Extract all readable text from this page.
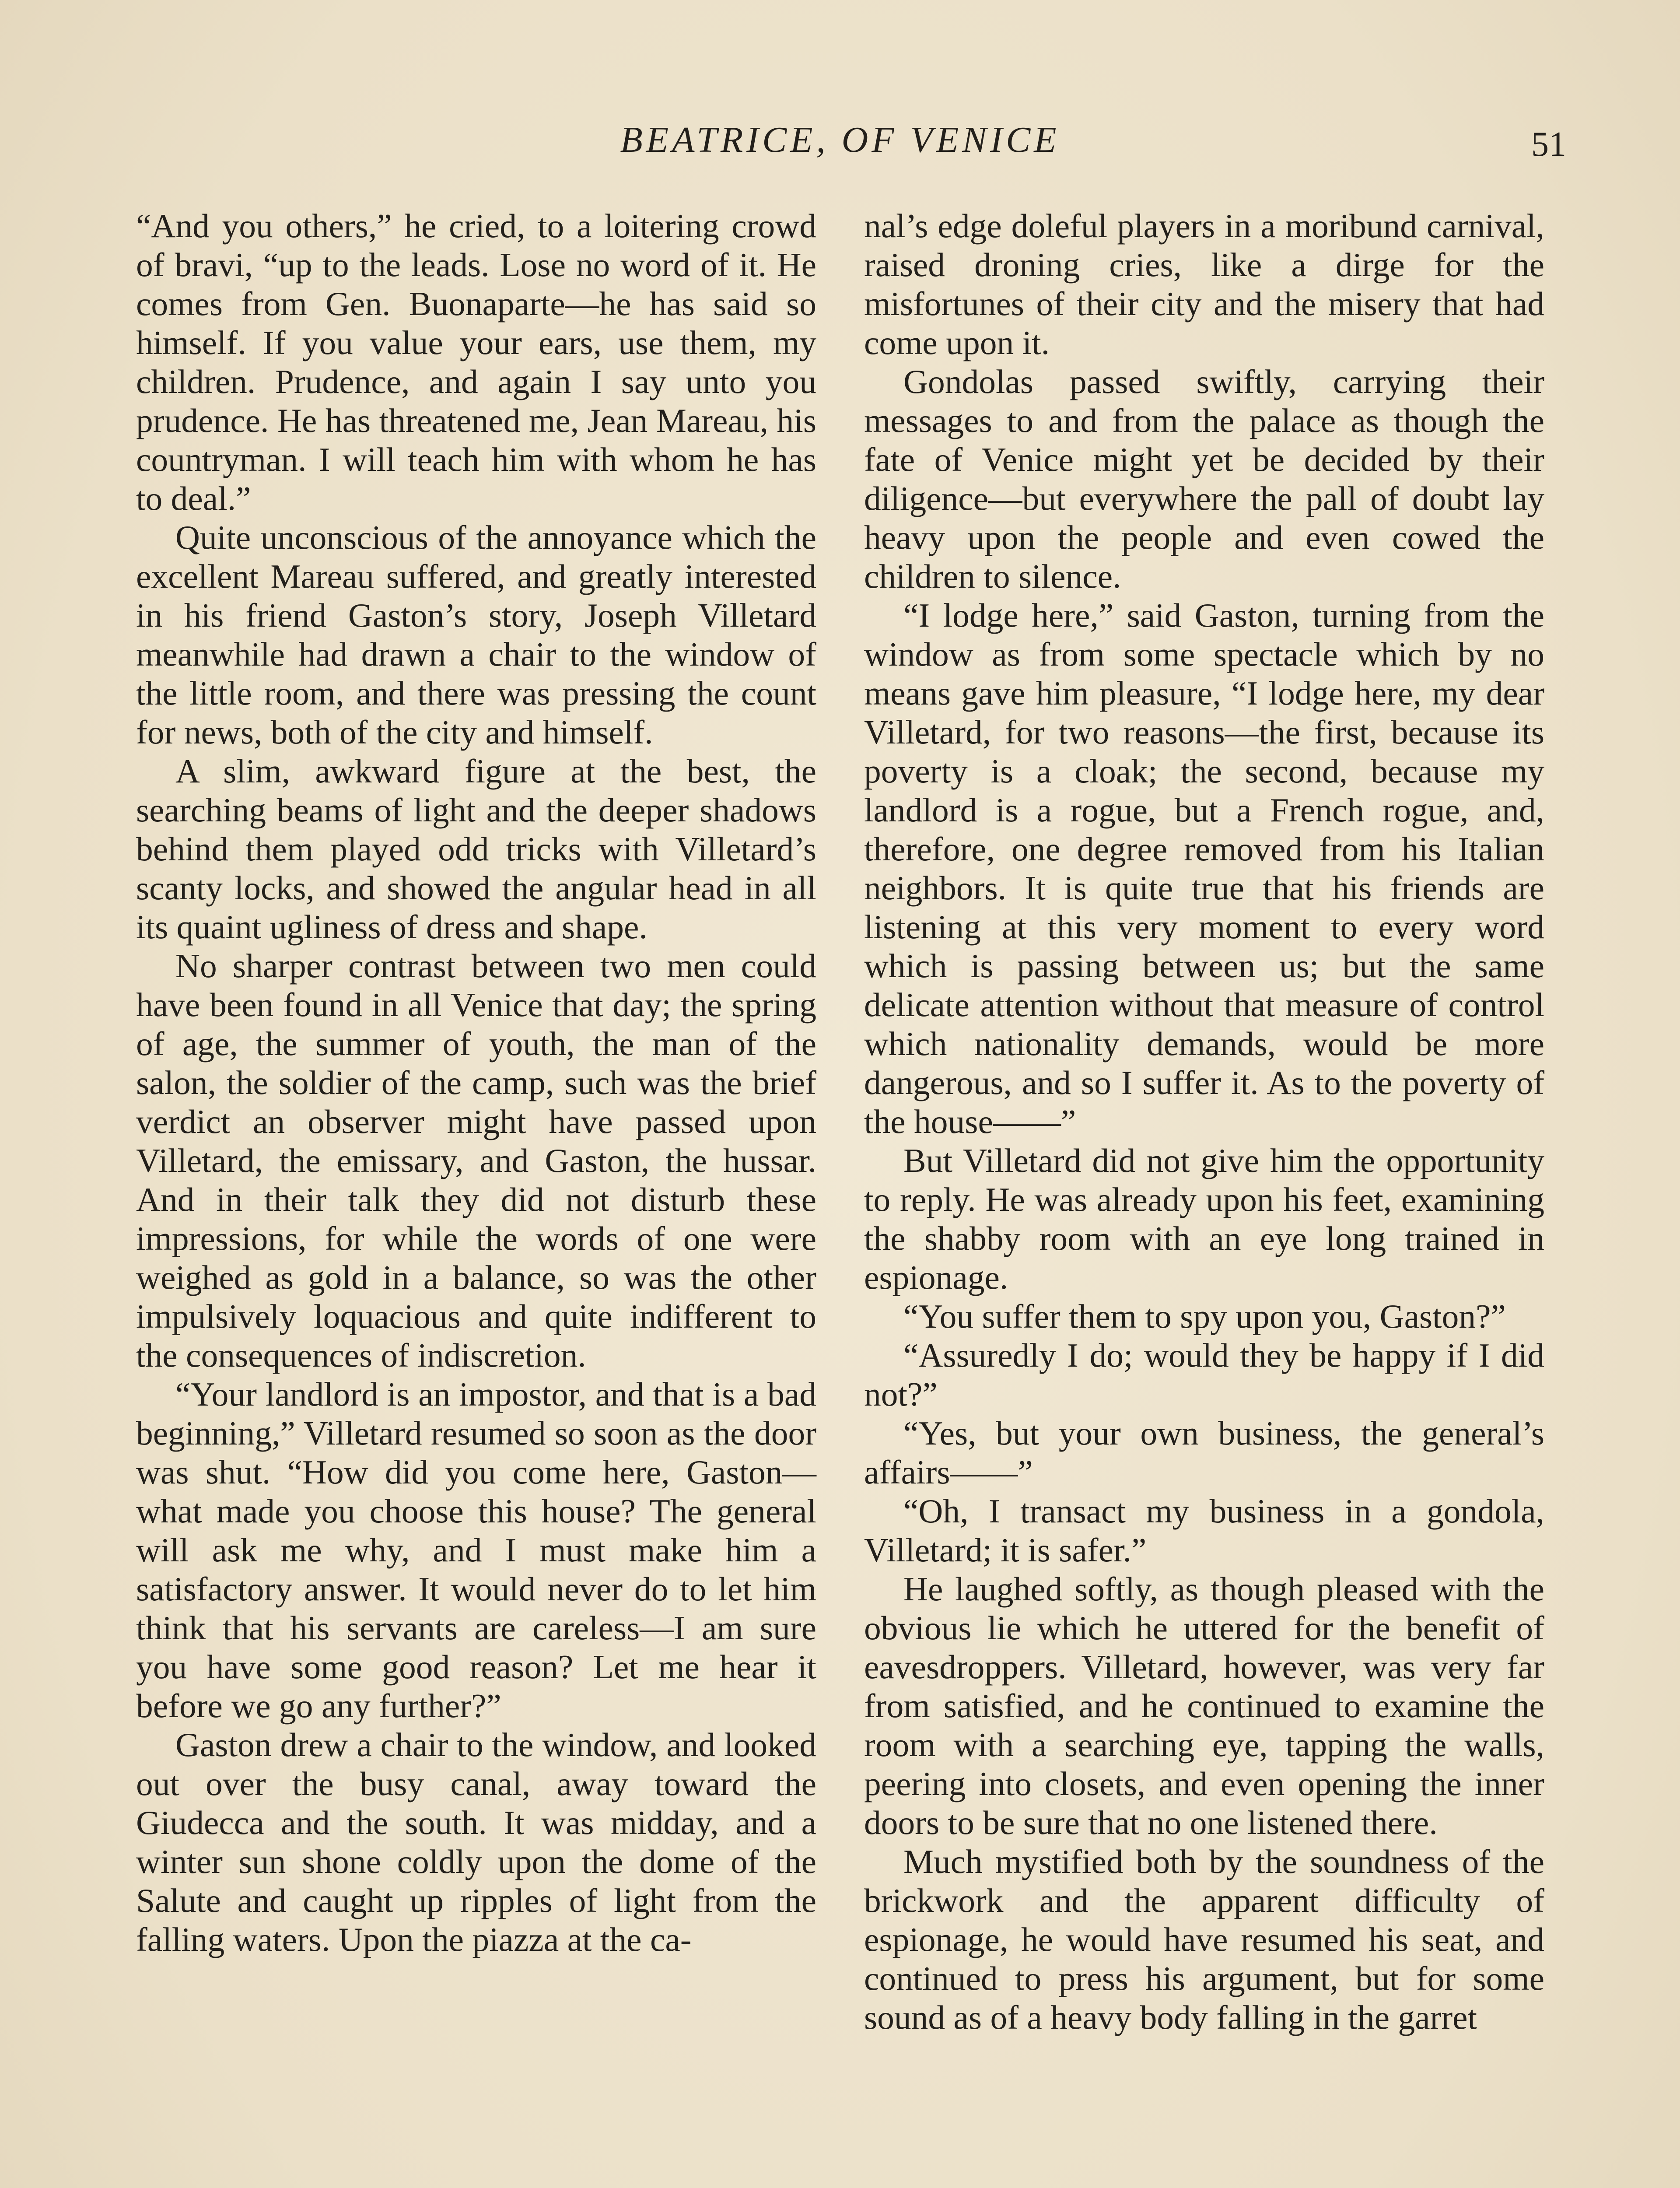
BEATRICE, OF VENICE	51

“And you others,” he cried, to a loitering crowd of bravi, “up to the leads. Lose no word of it. He comes from Gen. Buonaparte—he has said so himself. If you value your ears, use them, my children. Prudence, and again I say unto you prudence. He has threatened me, Jean Mareau, his countryman. I will teach him with whom he has to deal.”

Quite unconscious of the annoyance which the excellent Mareau suffered, and greatly interested in his friend Gaston’s story, Joseph Villetard meanwhile had drawn a chair to the window of the little room, and there was pressing the count for news, both of the city and himself.

A slim, awkward figure at the best, the searching beams of light and the deeper shadows behind them played odd tricks with Villetard’s scanty locks, and showed the angular head in all its quaint ugliness of dress and shape.

No sharper contrast between two men could have been found in all Venice that day; the spring of age, the summer of youth, the man of the salon, the soldier of the camp, such was the brief verdict an observer might have passed upon Villetard, the emissary, and Gaston, the hussar. And in their talk they did not disturb these impressions, for while the words of one were weighed as gold in a balance, so was the other impulsively loquacious and quite indifferent to the consequences of indiscretion.

“Your landlord is an impostor, and that is a bad beginning,” Villetard resumed so soon as the door was shut. “How did you come here, Gaston—what made you choose this house? The general will ask me why, and I must make him a satisfactory answer. It would never do to let him think that his servants are careless—I am sure you have some good reason? Let me hear it before we go any further?”

Gaston drew a chair to the window, and looked out over the busy canal, away toward the Giudecca and the south. It was midday, and a winter sun shone coldly upon the dome of the Salute and caught up ripples of light from the falling waters. Upon the piazza at the ca-

nal’s edge doleful players in a moribund carnival, raised droning cries, like a dirge for the misfortunes of their city and the misery that had come upon it.

Gondolas passed swiftly, carrying their messages to and from the palace as though the fate of Venice might yet be decided by their diligence—but everywhere the pall of doubt lay heavy upon the people and even cowed the children to silence.

“I lodge here,” said Gaston, turning from the window as from some spectacle which by no means gave him pleasure, “I lodge here, my dear Villetard, for two reasons—the first, because its poverty is a cloak; the second, because my landlord is a rogue, but a French rogue, and, therefore, one degree removed from his Italian neighbors. It is quite true that his friends are listening at this very moment to every word which is passing between us; but the same delicate attention without that measure of control which nationality demands, would be more dangerous, and so I suffer it. As to the poverty of the house——”

But Villetard did not give him the opportunity to reply. He was already upon his feet, examining the shabby room with an eye long trained in espionage.

“You suffer them to spy upon you, Gaston?”

“Assuredly I do; would they be happy if I did not?”

“Yes, but your own business, the general’s affairs——”

“Oh, I transact my business in a gondola, Villetard; it is safer.”

He laughed softly, as though pleased with the obvious lie which he uttered for the benefit of eavesdroppers. Villetard, however, was very far from satisfied, and he continued to examine the room with a searching eye, tapping the walls, peering into closets, and even opening the inner doors to be sure that no one listened there.

Much mystified both by the soundness of the brickwork and the apparent difficulty of espionage, he would have resumed his seat, and continued to press his argument, but for some sound as of a heavy body falling in the garret
